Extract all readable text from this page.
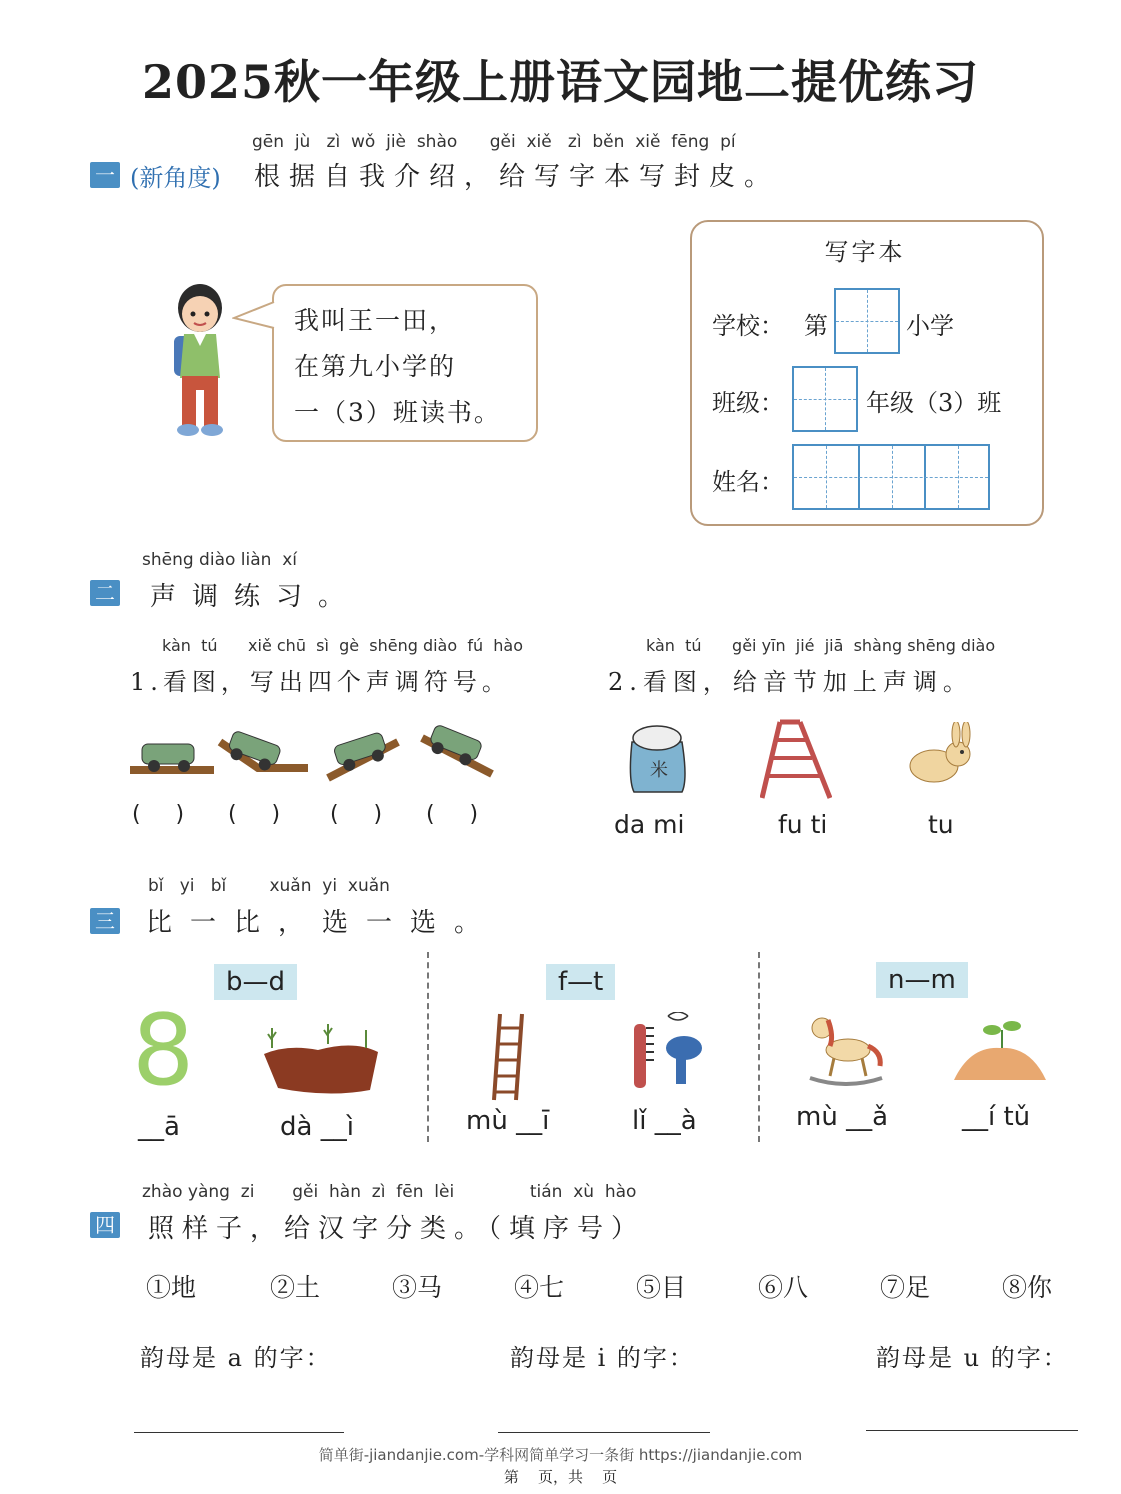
2025秋一年级上册语文园地二提优练习
gēn  jù   zì  wǒ  jiè  shào      gěi  xiě   zì  běn  xiě  fēng  pí
一 (新角度) 根据自我介绍，给写字本写封皮。
我叫王一田，
在第九小学的
一（3）班读书。
写字本
学校： 第	小学
班级：	年级（3）班
姓名：
shēng diào liàn  xí
二 声调练习。
kàn  tú      xiě chū  sì  gè  shēng diào  fú  hào
1.看图，写出四个声调符号。
kàn  tú      gěi yīn  jié  jiā  shàng shēng diào
2.看图，给音节加上声调。
(     ) (     ) (     ) (     )
米
da mi	fu ti	tu
bǐ   yi   bǐ        xuǎn  yi  xuǎn
三 比一比，选一选。
b—d	f—t	n—m
8
__ā	dà __ì	mù __ī	lǐ __à	mù __ǎ	__í tǔ
zhào yàng  zi       gěi  hàn  zì  fēn  lèi              tián  xù  hào
四 照样子，给汉字分类。（填序号）
①地	②土	③马	④七	⑤目	⑥八	⑦足	⑧你
韵母是 a 的字：	韵母是 i 的字：	韵母是 u 的字：
简单街-jiandanjie.com-学科网简单学习一条街 https://jiandanjie.com
第    页，共    页
